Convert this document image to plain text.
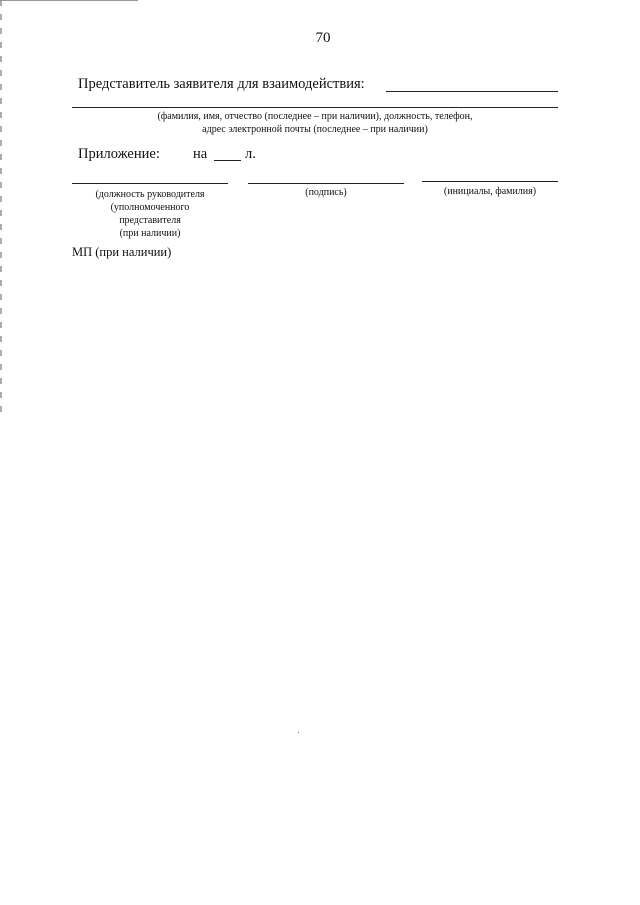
70
Представитель заявителя для взаимодействия:
(фамилия, имя, отчество (последнее – при наличии), должность, телефон,
адрес электронной почты (последнее – при наличии)
Приложение: на	л.
(должность руководителя
(уполномоченного
представителя
(при наличии)
(подпись)	(инициалы, фамилия)
МП (при наличии)
